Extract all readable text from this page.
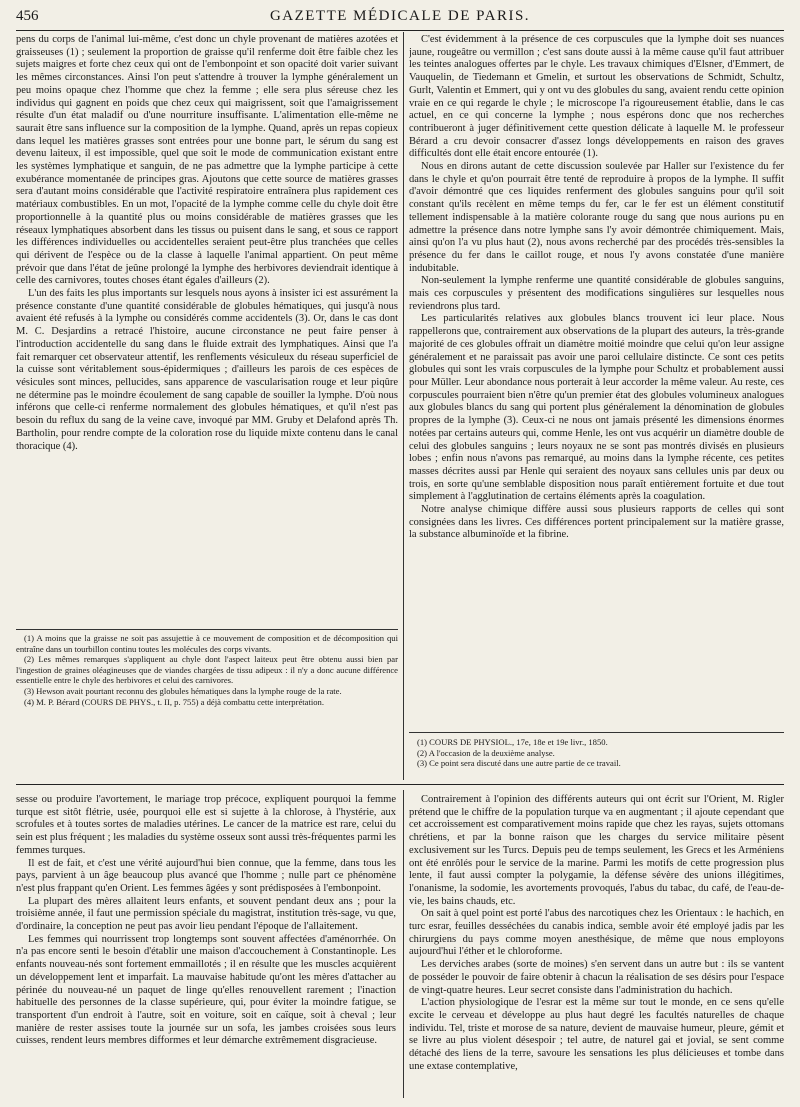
456	GAZETTE MÉDICALE DE PARIS.

pens du corps de l'animal lui-même, c'est donc un chyle provenant de matières azotées et graisseuses (1) ; seulement la proportion de graisse qu'il renferme doit être faible chez les sujets maigres et forte chez ceux qui ont de l'embonpoint et son opacité doit varier suivant les mêmes circonstances. Ainsi l'on peut s'attendre à trouver la lymphe généralement un peu moins opaque chez l'homme que chez la femme ; elle sera plus séreuse chez les individus qui gagnent en poids que chez ceux qui maigrissent, soit que l'amaigrissement résulte d'un état maladif ou d'une nourriture insuffisante. L'alimentation elle-même ne saurait être sans influence sur la composition de la lymphe. Quand, après un repas copieux dans lequel les matières grasses sont entrées pour une bonne part, le sérum du sang est devenu laiteux, il est impossible, quel que soit le mode de communication existant entre les systèmes lymphatique et sanguin, de ne pas admettre que la lymphe participe à cette exubérance momentanée de principes gras. Ajoutons que cette source de matières grasses sera d'autant moins considérable que l'activité respiratoire entraînera plus rapidement ces matériaux combustibles. En un mot, l'opacité de la lymphe comme celle du chyle doit être proportionnelle à la quantité plus ou moins considérable de matières grasses que les réseaux lymphatiques absorbent dans les tissus ou puisent dans le sang, et sous ce rapport les différences individuelles ou accidentelles seraient peut-être plus tranchées que celles qui dérivent de l'espèce ou de la classe à laquelle l'animal appartient. On peut même prévoir que dans l'état de jeûne prolongé la lymphe des herbivores deviendrait identique à celle des carnivores, toutes choses étant égales d'ailleurs (2).

L'un des faits les plus importants sur lesquels nous ayons à insister ici est assurément la présence constante d'une quantité considérable de globules hématiques, qui jusqu'à nous avaient été refusés à la lymphe ou considérés comme accidentels (3). Or, dans le cas dont M. C. Desjardins a retracé l'histoire, aucune circonstance ne peut faire penser à l'introduction accidentelle du sang dans le fluide extrait des lymphatiques. Ainsi que l'a fait remarquer cet observateur attentif, les renflements vésiculeux du réseau superficiel de la cuisse sont véritablement sous-épidermiques ; d'ailleurs les parois de ces espèces de vésicules sont minces, pellucides, sans apparence de vascularisation rouge et leur piqûre ne détermine pas le moindre écoulement de sang capable de souiller la lymphe. D'où nous inférons que celle-ci renferme normalement des globules hématiques, et qu'il n'est pas besoin du reflux du sang de la veine cave, invoqué par MM. Gruby et Delafond après Th. Bartholin, pour rendre compte de la coloration rose du liquide mixte contenu dans le canal thoracique (4).

(1) A moins que la graisse ne soit pas assujettie à ce mouvement de composition et de décomposition qui entraîne dans un tourbillon continu toutes les molécules des corps vivants.

(2) Les mêmes remarques s'appliquent au chyle dont l'aspect laiteux peut être obtenu aussi bien par l'ingestion de graines oléagineuses que de viandes chargées de tissu adipeux : il n'y a donc aucune différence essentielle entre le chyle des herbivores et celui des carnivores.

(3) Hewson avait pourtant reconnu des globules hématiques dans la lymphe rouge de la rate.

(4) M. P. Bérard (COURS DE PHYS., t. II, p. 755) a déjà combattu cette interprétation.

C'est évidemment à la présence de ces corpuscules que la lymphe doit ses nuances jaune, rougeâtre ou vermillon ; c'est sans doute aussi à la même cause qu'il faut attribuer les teintes analogues offertes par le chyle. Les travaux chimiques d'Elsner, d'Emmert, de Vauquelin, de Tiedemann et Gmelin, et surtout les observations de Schmidt, Schultz, Gurlt, Valentin et Emmert, qui y ont vu des globules du sang, avaient rendu cette opinion vraie en ce qui regarde le chyle ; le microscope l'a rigoureusement établie, dans le cas actuel, en ce qui concerne la lymphe ; nous espérons donc que nos recherches contribueront à juger définitivement cette question délicate à laquelle M. le professeur Bérard a cru devoir consacrer d'assez longs développements en raison des graves difficultés dont elle était encore entourée (1).

Nous en dirons autant de cette discussion soulevée par Haller sur l'existence du fer dans le chyle et qu'on pourrait être tenté de reproduire à propos de la lymphe. Il suffit d'avoir démontré que ces liquides renferment des globules sanguins pour qu'il soit constant qu'ils recèlent en même temps du fer, car le fer est un élément constitutif tellement indispensable à la matière colorante rouge du sang que nous aurions pu en admettre la présence dans notre lymphe sans l'y avoir démontrée chimiquement. Mais, ainsi qu'on l'a vu plus haut (2), nous avons recherché par des procédés très-sensibles la présence du fer dans le caillot rouge, et nous l'y avons constatée d'une manière indubitable.

Non-seulement la lymphe renferme une quantité considérable de globules sanguins, mais ces corpuscules y présentent des modifications singulières sur lesquelles nous reviendrons plus tard.

Les particularités relatives aux globules blancs trouvent ici leur place. Nous rappellerons que, contrairement aux observations de la plupart des auteurs, la très-grande majorité de ces globules offrait un diamètre moitié moindre que celui qu'on leur assigne généralement et ne paraissait pas avoir une paroi cellulaire distincte. Ce sont ces petits globules qui sont les vrais corpuscules de la lymphe pour Schultz et probablement aussi pour Müller. Leur abondance nous porterait à leur accorder la même valeur. Au reste, ces corpuscules pourraient bien n'être qu'un premier état des globules volumineux analogues aux globules blancs du sang qui portent plus généralement la dénomination de globules propres de la lymphe (3). Ceux-ci ne nous ont jamais présenté les dimensions énormes notées par certains auteurs qui, comme Henle, les ont vus acquérir un diamètre double de celui des globules sanguins ; leurs noyaux ne se sont pas montrés divisés en plusieurs lobes ; enfin nous n'avons pas remarqué, au moins dans la lymphe récente, ces petites masses décrites aussi par Henle qui seraient des noyaux sans cellules unis par deux ou trois, en sorte qu'une semblable disposition nous paraît entièrement fortuite et due tout simplement à l'agglutination de certains éléments après la coagulation.

Notre analyse chimique diffère aussi sous plusieurs rapports de celles qui sont consignées dans les livres. Ces différences portent principalement sur la matière grasse, la substance albuminoïde et la fibrine.

(1) COURS DE PHYSIOL., 17e, 18e et 19e livr., 1850.

(2) A l'occasion de la deuxième analyse.

(3) Ce point sera discuté dans une autre partie de ce travail.

sesse ou produire l'avortement, le mariage trop précoce, expliquent pourquoi la femme turque est sitôt flétrie, usée, pourquoi elle est si sujette à la chlorose, à l'hystérie, aux scrofules et à toutes sortes de maladies utérines. Le cancer de la matrice est rare, celui du sein est plus fréquent ; les maladies du système osseux sont aussi très-fréquentes parmi les femmes turques.

Il est de fait, et c'est une vérité aujourd'hui bien connue, que la femme, dans tous les pays, parvient à un âge beaucoup plus avancé que l'homme ; nulle part ce phénomène n'est plus frappant qu'en Orient. Les femmes âgées y sont prédisposées à l'embonpoint.

La plupart des mères allaitent leurs enfants, et souvent pendant deux ans ; pour la troisième année, il faut une permission spéciale du magistrat, institution très-sage, vu que, d'ordinaire, la conception ne peut pas avoir lieu pendant l'époque de l'allaitement.

Les femmes qui nourrissent trop longtemps sont souvent affectées d'aménorrhée. On n'a pas encore senti le besoin d'établir une maison d'accouchement à Constantinople. Les enfants nouveau-nés sont fortement emmaillotés ; il en résulte que les muscles acquièrent un développement lent et imparfait. La mauvaise habitude qu'ont les mères d'attacher au périnée du nouveau-né un paquet de linge qu'elles renouvellent rarement ; l'inaction habituelle des personnes de la classe supérieure, qui, pour éviter la moindre fatigue, se transportent d'un endroit à l'autre, soit en voiture, soit en caïque, soit à cheval ; leur manière de rester assises toute la journée sur un sofa, les jambes croisées sous leurs cuisses, rendent leurs membres difformes et leur démarche extrêmement disgracieuse.

Contrairement à l'opinion des différents auteurs qui ont écrit sur l'Orient, M. Rigler prétend que le chiffre de la population turque va en augmentant ; il ajoute cependant que cet accroissement est comparativement moins rapide que chez les rayas, sujets ottomans chrétiens, et par la bonne raison que les charges du service militaire pèsent exclusivement sur les Turcs. Depuis peu de temps seulement, les Grecs et les Arméniens ont été enrôlés pour le service de la marine. Parmi les motifs de cette progression plus lente, il faut aussi compter la polygamie, la défense sévère des unions illégitimes, l'onanisme, la sodomie, les avortements provoqués, l'abus du tabac, du café, de l'eau-de-vie, les bains chauds, etc.

On sait à quel point est porté l'abus des narcotiques chez les Orientaux : le hachich, en turc esrar, feuilles desséchées du canabis indica, semble avoir été employé jadis par les chirurgiens du pays comme moyen anesthésique, de même que nous employons aujourd'hui l'éther et le chloroforme.

Les derviches arabes (sorte de moines) s'en servent dans un autre but : ils se vantent de posséder le pouvoir de faire obtenir à chacun la réalisation de ses désirs pour l'espace de vingt-quatre heures. Leur secret consiste dans l'administration du hachich.

L'action physiologique de l'esrar est la même sur tout le monde, en ce sens qu'elle excite le cerveau et développe au plus haut degré les facultés naturelles de chaque individu. Tel, triste et morose de sa nature, devient de mauvaise humeur, pleure, gémit et se livre au plus violent désespoir ; tel autre, de naturel gai et jovial, se sent comme détaché des liens de la terre, savoure les sensations les plus délicieuses et tombe dans une extase contemplative,
